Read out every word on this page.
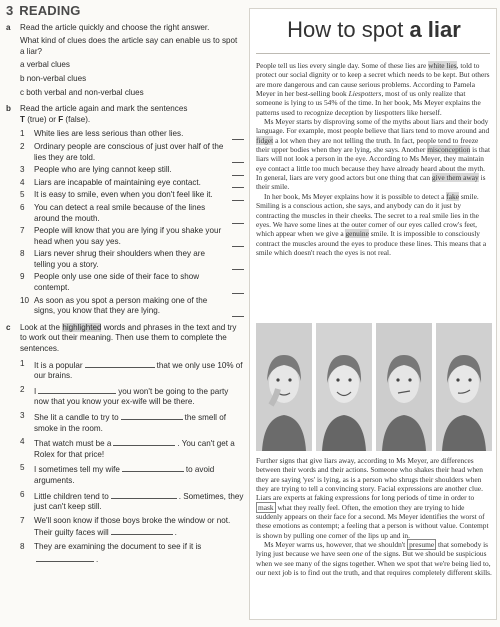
3 READING
a Read the article quickly and choose the right answer.

What kind of clues does the article say can enable us to spot a liar?

a verbal clues

b non-verbal clues

c both verbal and non-verbal clues

b Read the article again and mark the sentences
T (true) or F (false).

1 White lies are less serious than other lies.
2 Ordinary people are conscious of just over half of the lies they are told.
3 People who are lying cannot keep still.
4 Liars are incapable of maintaining eye contact.
5 It is easy to smile, even when you don't feel like it.
6 You can detect a real smile because of the lines around the mouth.
7 People will know that you are lying if you shake your head when you say yes.
8 Liars never shrug their shoulders when they are telling you a story.
9 People only use one side of their face to show contempt.
10 As soon as you spot a person making one of the signs, you know that they are lying.
c Look at the highlighted words and phrases in the text and try to work out their meaning. Then use them to complete the sentences.

1 It is a popular	that we only use 10% of our brains.
2 I	you won't be going to the party now that you know your ex-wife will be there.
3 She lit a candle to try to	the smell of smoke in the room.
4 That watch must be a	. You can't get a Rolex for that price!
5 I sometimes tell my wife	to avoid arguments.
6 Little children tend to	. Sometimes, they just can't keep still.
7 We'll soon know if those boys broke the window or not. Their guilty faces will	.
8 They are examining the document to see if it is.
How to spot a liar

People tell us lies every single day. Some of these lies are white lies, told to protect our social dignity or to keep a secret which needs to be kept. But others are more dangerous and can cause serious problems. According to Pamela Meyer in her best-selling book Liespotters, most of us only realize that someone is lying to us 54% of the time. In her book, Ms Meyer explains the patterns used to recognize deception by liespotters like herself.

Ms Meyer starts by disproving some of the myths about liars and their body language. For example, most people believe that liars tend to move around and fidget a lot when they are not telling the truth. In fact, people tend to freeze their upper bodies when they are lying, she says. Another misconception is that liars will not look a person in the eye. According to Ms Meyer, they maintain eye contact a little too much because they have already heard about the myth. In general, liars are very good actors but one thing that can give them away is their smile.

In her book, Ms Meyer explains how it is possible to detect a fake smile. Smiling is a conscious action, she says, and anybody can do it just by contracting the muscles in their cheeks. The secret to a real smile lies in the eyes. We have some lines at the outer corner of our eyes called crow's feet, which appear when we give a genuine smile. It is impossible to consciously contract the muscles around the eyes to produce these lines. This means that a smile which doesn't reach the eyes is not real.

Further signs that give liars away, according to Ms Meyer, are differences between their words and their actions. Someone who shakes their head when they are saying 'yes' is lying, as is a person who shrugs their shoulders when they are trying to tell a convincing story. Facial expressions are another clue. Liars are experts at faking expressions for long periods of time in order to mask what they really feel. Often, the emotion they are trying to hide suddenly appears on their face for a second. Ms Meyer identifies the worst of these emotions as contempt; a feeling that a person is without value. Contempt is shown by pulling one corner of the lips up and in.

Ms Meyer warns us, however, that we shouldn't presume that somebody is lying just because we have seen one of the signs. But we should be suspicious when we see many of the signs together. When we spot that we're being lied to, our next job is to find out the truth, and that requires completely different skills.
